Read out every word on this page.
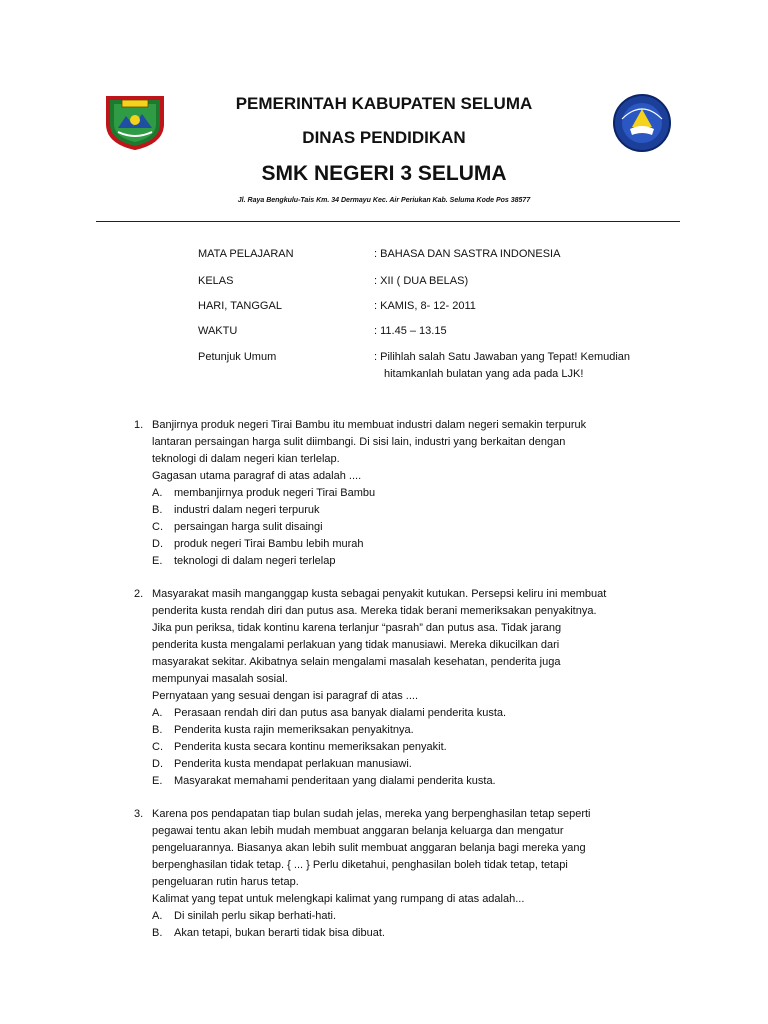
PEMERINTAH KABUPATEN SELUMA
DINAS PENDIDIKAN
SMK NEGERI 3 SELUMA
Jl. Raya Bengkulu-Tais Km. 34 Dermayu Kec. Air Periukan Kab. Seluma Kode Pos 38577
MATA PELAJARAN	: BAHASA DAN SASTRA INDONESIA
KELAS	: XII ( DUA BELAS)
HARI, TANGGAL	: KAMIS, 8- 12- 2011
WAKTU	: 11.45 – 13.15
Petunjuk Umum	: Pilihlah salah Satu Jawaban yang Tepat! Kemudian
hitamkanlah bulatan yang ada pada LJK!
1. Banjirnya produk negeri Tirai Bambu itu membuat industri dalam negeri semakin terpuruk
lantaran persaingan harga sulit diimbangi. Di sisi lain, industri yang berkaitan dengan
teknologi di dalam negeri kian terlelap.
Gagasan utama paragraf di atas adalah ....
A. membanjirnya produk negeri Tirai Bambu
B. industri dalam negeri terpuruk
C. persaingan harga sulit disaingi
D. produk negeri Tirai Bambu lebih murah
E. teknologi di dalam negeri terlelap
2. Masyarakat masih manganggap kusta sebagai penyakit kutukan. Persepsi keliru ini membuat
penderita kusta rendah diri dan putus asa. Mereka tidak berani memeriksakan penyakitnya.
Jika pun periksa, tidak kontinu karena terlanjur “pasrah” dan putus asa. Tidak jarang
penderita kusta mengalami perlakuan yang tidak manusiawi. Mereka dikucilkan dari
masyarakat sekitar. Akibatnya selain mengalami masalah kesehatan, penderita juga
mempunyai masalah sosial.
Pernyataan yang sesuai dengan isi paragraf di atas ....
A. Perasaan rendah diri dan putus asa banyak dialami penderita kusta.
B. Penderita kusta rajin memeriksakan penyakitnya.
C. Penderita kusta secara kontinu memeriksakan penyakit.
D. Penderita kusta mendapat perlakuan manusiawi.
E. Masyarakat memahami penderitaan yang dialami penderita kusta.
3. Karena pos pendapatan tiap bulan sudah jelas, mereka yang berpenghasilan tetap seperti
pegawai tentu akan lebih mudah membuat anggaran belanja keluarga dan mengatur
pengeluarannya. Biasanya akan lebih sulit membuat anggaran belanja bagi mereka yang
berpenghasilan tidak tetap. { ... } Perlu diketahui, penghasilan boleh tidak tetap, tetapi
pengeluaran rutin harus tetap.
Kalimat yang tepat untuk melengkapi kalimat yang rumpang di atas adalah...
A. Di sinilah perlu sikap berhati-hati.
B. Akan tetapi, bukan berarti tidak bisa dibuat.
